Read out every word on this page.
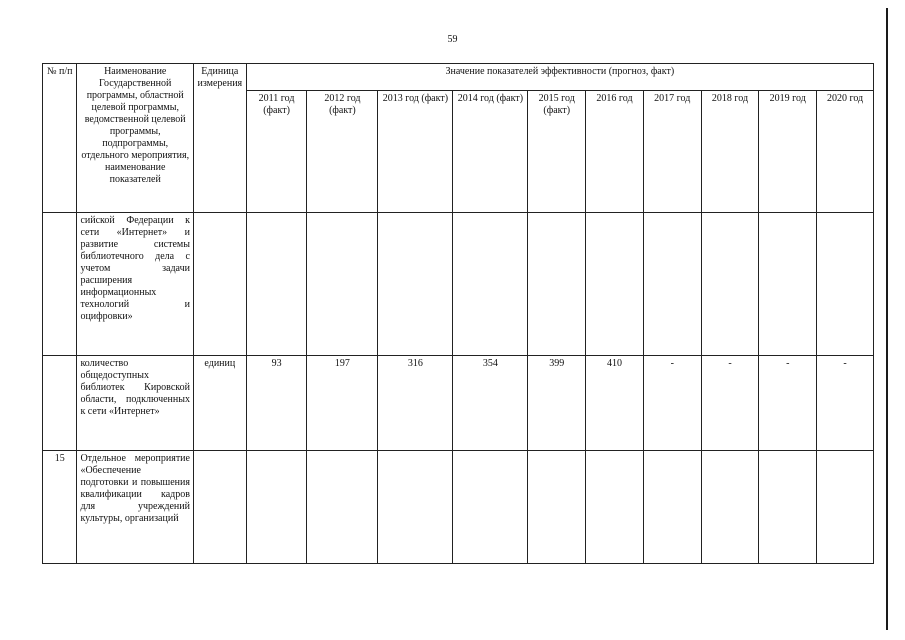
59
№ п/п	Наименование Государственной программы, областной целевой программы, ведомственной целевой программы, подпрограммы, отдельного мероприятия, наименование показателей	Единица измерения	Значение показателей эффективности (прогноз, факт)									
			2011 год (факт)	2012 год (факт)	2013 год (факт)	2014 год (факт)	2015 год (факт)	2016 год	2017 год	2018 год	2019 год	2020 год
	сийской Федерации к сети «Интернет» и развитие системы библиотечного дела с учетом задачи расширения информационных технологий и оцифровки»											
	количество общедоступных библиотек Кировской области, подключенных к сети «Интернет»	единиц	93	197	316	354	399	410	-	-	-	-
15	Отдельное мероприятие «Обеспечение подготовки и повышения квалификации кадров для учреждений культуры, организаций											
